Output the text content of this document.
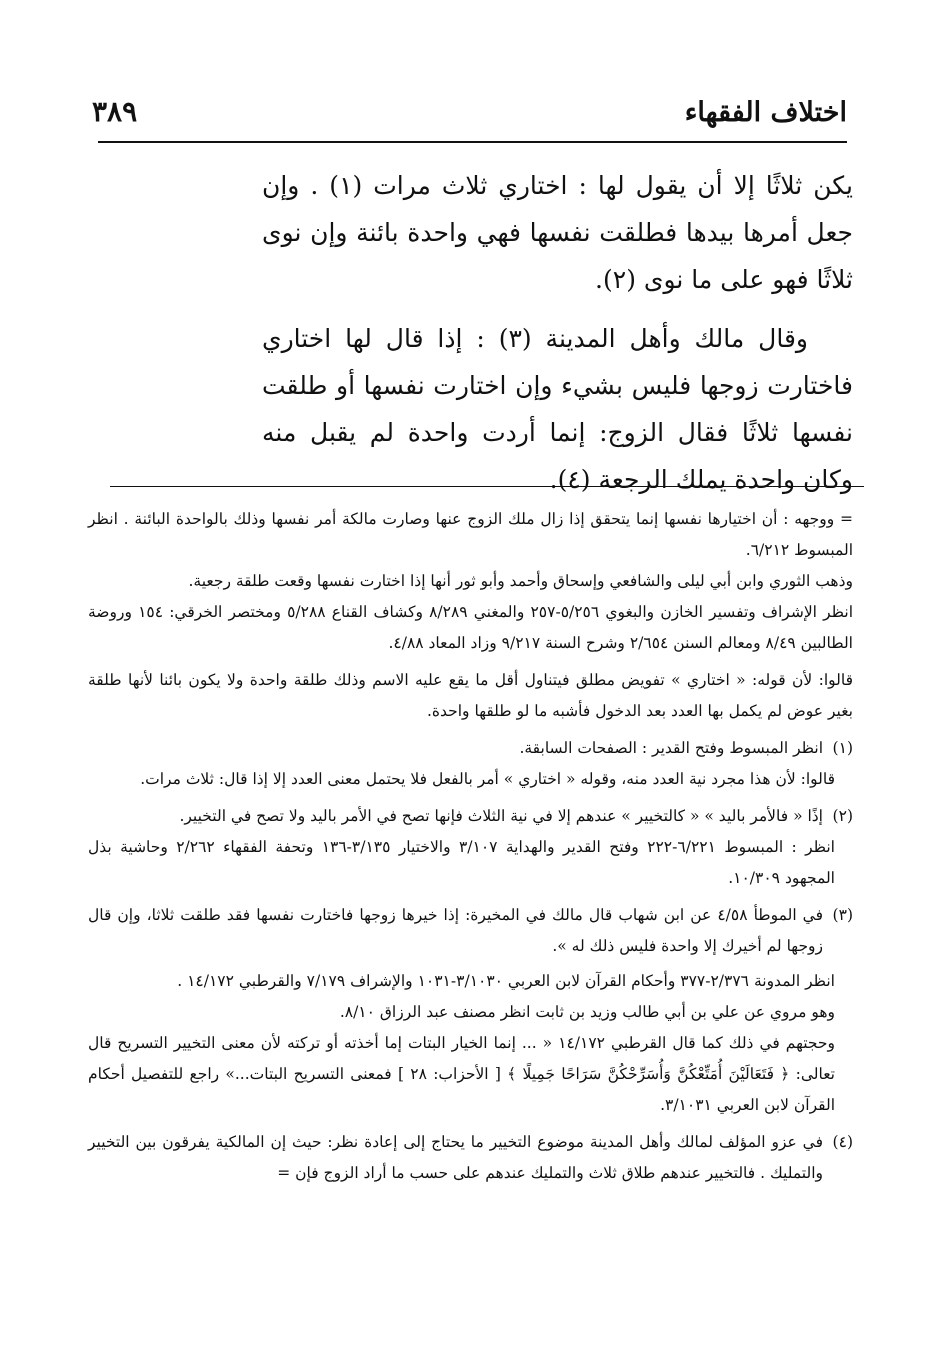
اختلاف الفقهاء
٣٨٩

يكن ثلاثًا إلا أن يقول لها : اختاري ثلاث مرات (١) . وإن جعل أمرها بيدها فطلقت نفسها فهي واحدة بائنة وإن نوى ثلاثًا فهو على ما نوى (٢).

وقال مالك وأهل المدينة (٣) : إذا قال لها اختاري فاختارت زوجها فليس بشيء وإن اختارت نفسها أو طلقت نفسها ثلاثًا فقال الزوج: إنما أردت واحدة لم يقبل منه وكان واحدة يملك الرجعة (٤).

= ووجهه : أن اختيارها نفسها إنما يتحقق إذا زال ملك الزوج عنها وصارت مالكة أمر نفسها وذلك بالواحدة البائنة . انظر المبسوط ٦/٢١٢.

وذهب الثوري وابن أبي ليلى والشافعي وإسحاق وأحمد وأبو ثور أنها إذا اختارت نفسها وقعت طلقة رجعية.

انظر الإشراف وتفسير الخازن والبغوي ٥/٢٥٦-٢٥٧ والمغني ٨/٢٨٩ وكشاف القناع ٥/٢٨٨ ومختصر الخرقي: ١٥٤ وروضة الطالبين ٨/٤٩ ومعالم السنن ٢/٦٥٤ وشرح السنة ٩/٢١٧ وزاد المعاد ٤/٨٨.

قالوا: لأن قوله: « اختاري » تفويض مطلق فيتناول أقل ما يقع عليه الاسم وذلك طلقة واحدة ولا يكون بائنا لأنها طلقة بغير عوض لم يكمل بها العدد بعد الدخول فأشبه ما لو طلقها واحدة.

(١)
انظر المبسوط وفتح القدير : الصفحات السابقة.

قالوا: لأن هذا مجرد نية العدد منه، وقوله « اختاري » أمر بالفعل فلا يحتمل معنى العدد إلا إذا قال: ثلاث مرات.

(٢)
إذًا « فالأمر باليد » « كالتخيير » عندهم إلا في نية الثلاث فإنها تصح في الأمر باليد ولا تصح في التخيير.

انظر : المبسوط ٦/٢٢١-٢٢٢ وفتح القدير والهداية ٣/١٠٧ والاختيار ٣/١٣٥-١٣٦ وتحفة الفقهاء ٢/٢٦٢ وحاشية بذل المجهود ١٠/٣٠٩.

(٣)
في الموطأ ٤/٥٨ عن ابن شهاب قال مالك في المخيرة: إذا خيرها زوجها فاختارت نفسها فقد طلقت ثلاثا، وإن قال زوجها لم أخيرك إلا واحدة فليس ذلك له ».

انظر المدونة ٢/٣٧٦-٣٧٧ وأحكام القرآن لابن العربي ٣/١٠٣٠-١٠٣١ والإشراف ٧/١٧٩ والقرطبي ١٤/١٧٢ .

وهو مروي عن علي بن أبي طالب وزيد بن ثابت انظر مصنف عبد الرزاق ٨/١٠.

وحجتهم في ذلك كما قال القرطبي ١٤/١٧٢ « ... إنما الخيار البتات إما أخذته أو تركته لأن معنى التخيير التسريح قال تعالى: ﴿ فَتَعَالَيْنَ أُمَتِّعْكُنَّ وَأُسَرِّحْكُنَّ سَرَاحًا جَمِيلًا ﴾ [ الأحزاب: ٢٨ ] فمعنى التسريح البتات...» راجع للتفصيل أحكام القرآن لابن العربي ٣/١٠٣١.

(٤)
في عزو المؤلف لمالك وأهل المدينة موضوع التخيير ما يحتاج إلى إعادة نظر: حيث إن المالكية يفرقون بين التخيير والتمليك . فالتخيير عندهم طلاق ثلاث والتمليك عندهم على حسب ما أراد الزوج فإن =
